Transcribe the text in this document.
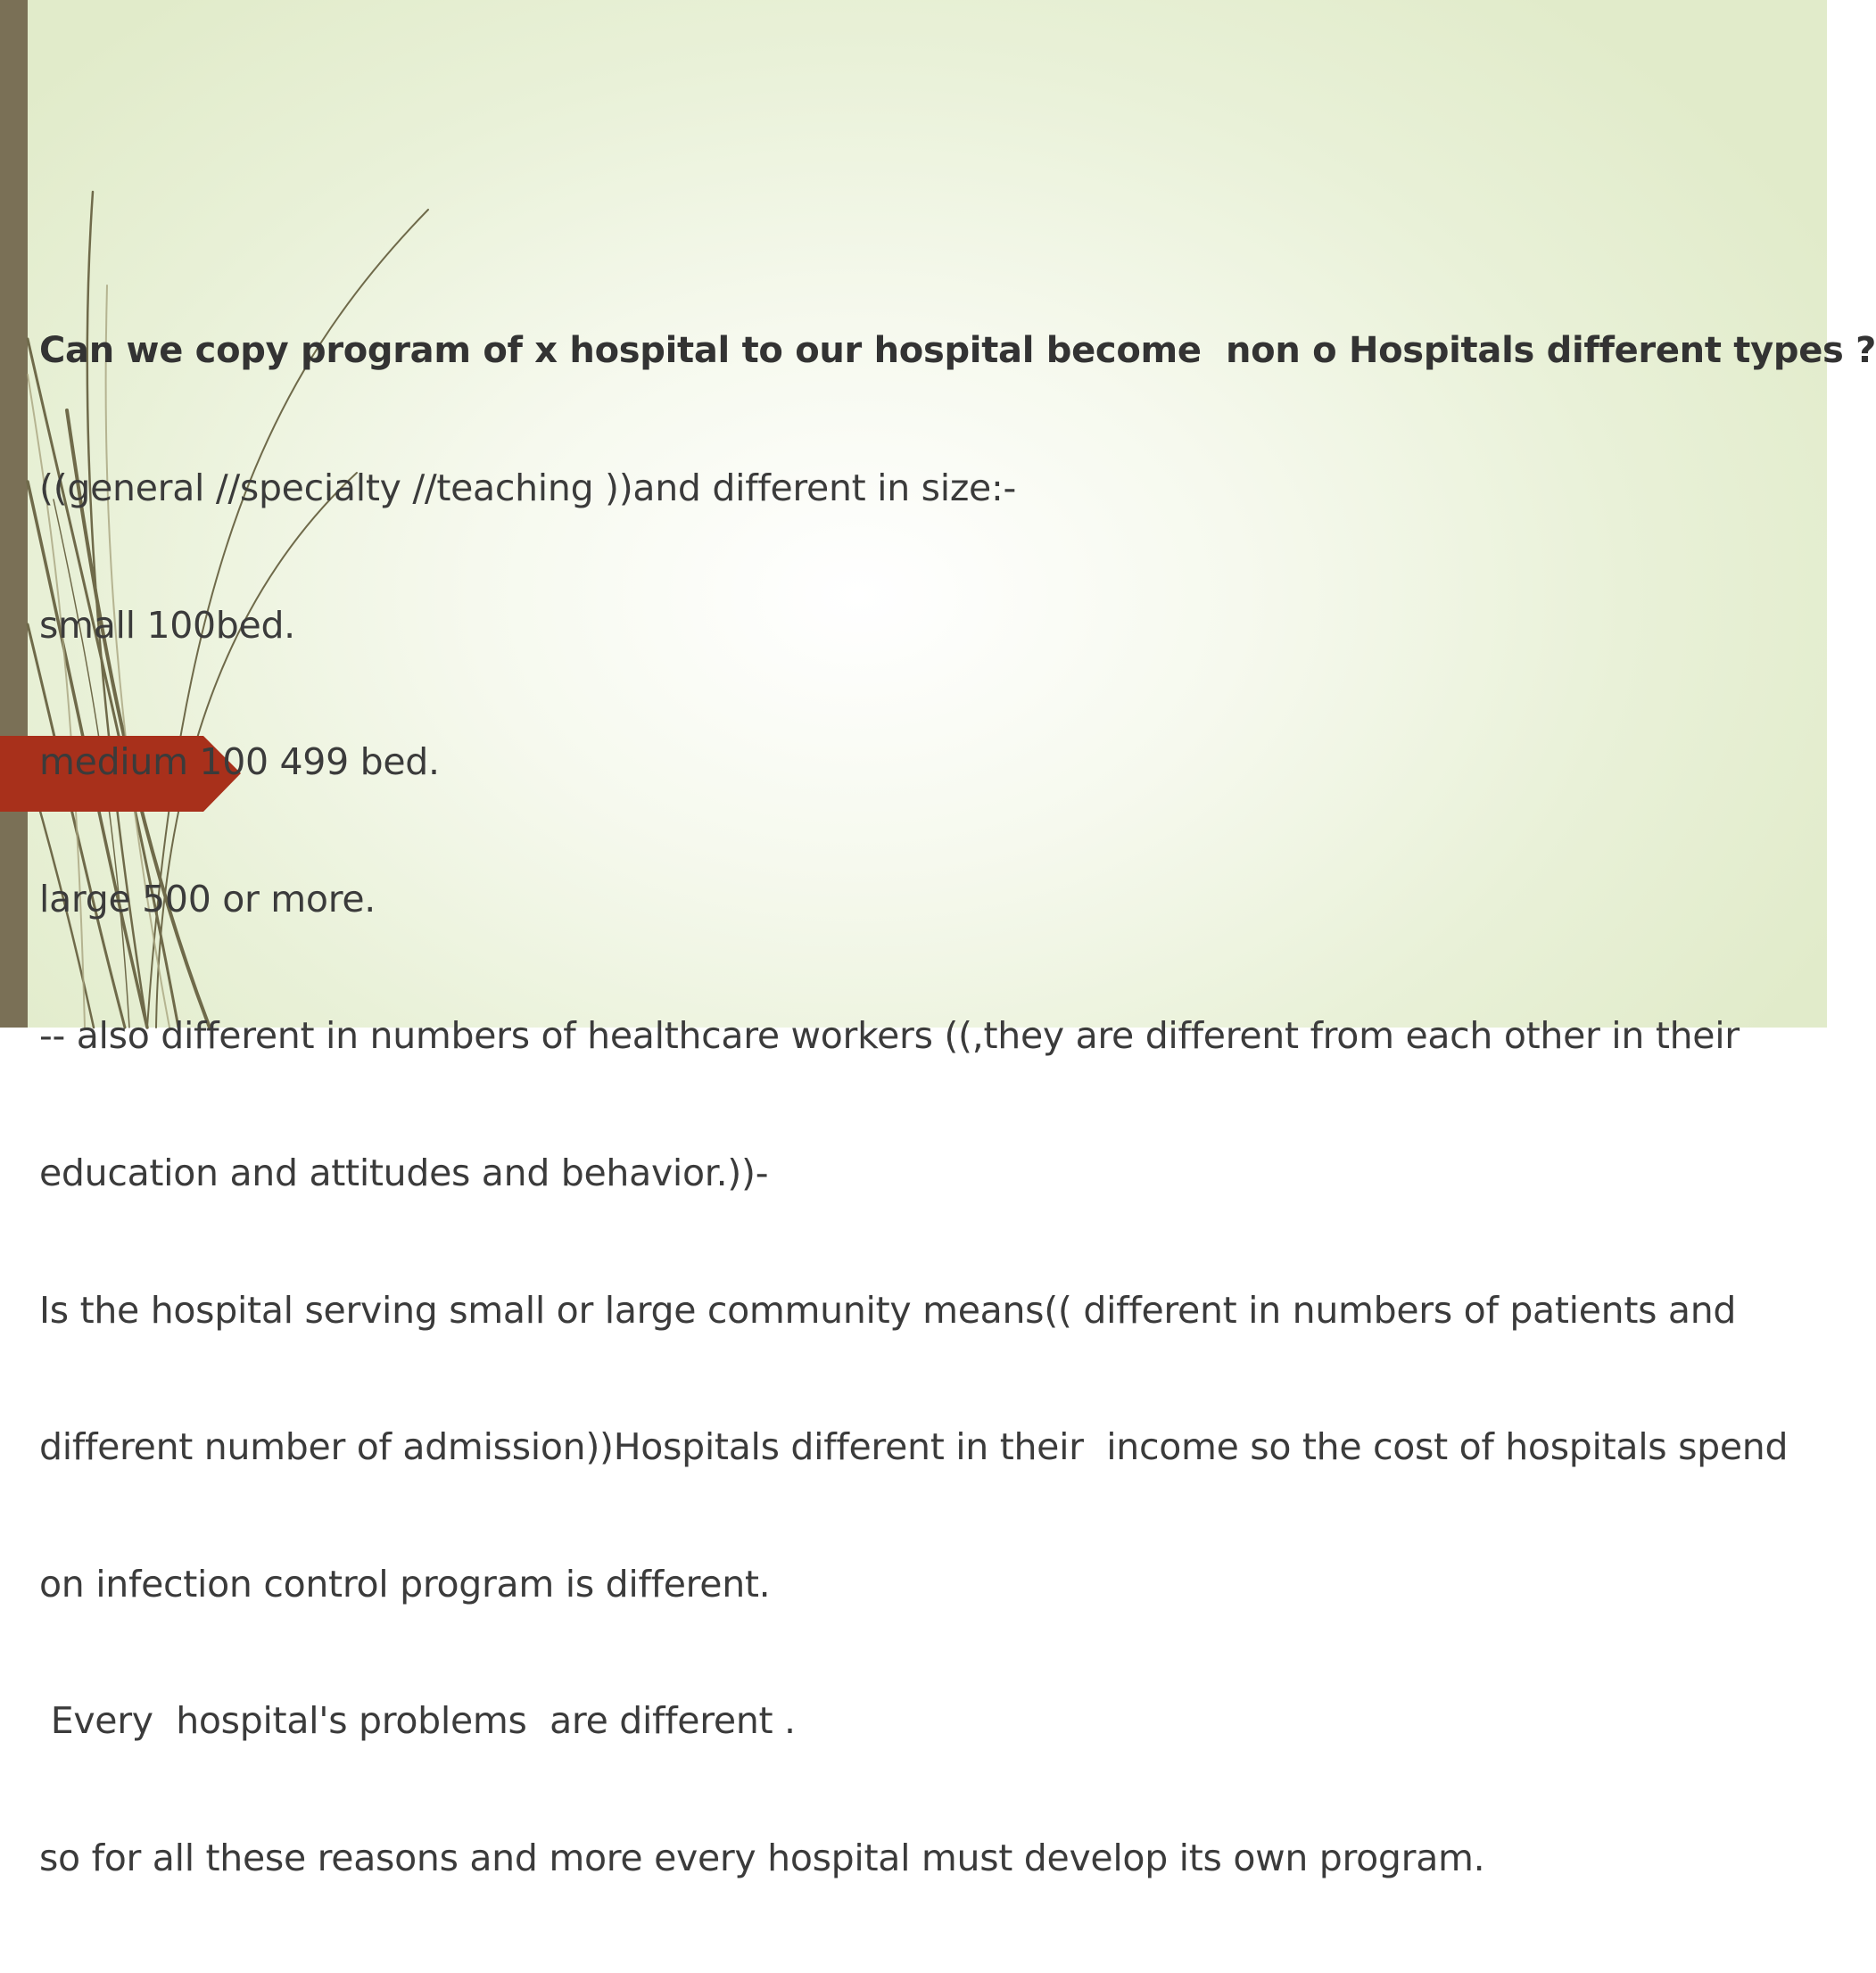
Can we copy program of x hospital to our hospital become  non o Hospitals different types ?

((general //specialty //teaching ))and different in size:-

small 100bed.

medium 100 499 bed.

large 500 or more.

-- also different in numbers of healthcare workers ((,they are different from each other in their

education and attitudes and behavior.))-

Is the hospital serving small or large community means(( different in numbers of patients and

different number of admission))Hospitals different in their  income so the cost of hospitals spend

on infection control program is different.

Every  hospital's problems  are different .

so for all these reasons and more every hospital must develop its own program.
